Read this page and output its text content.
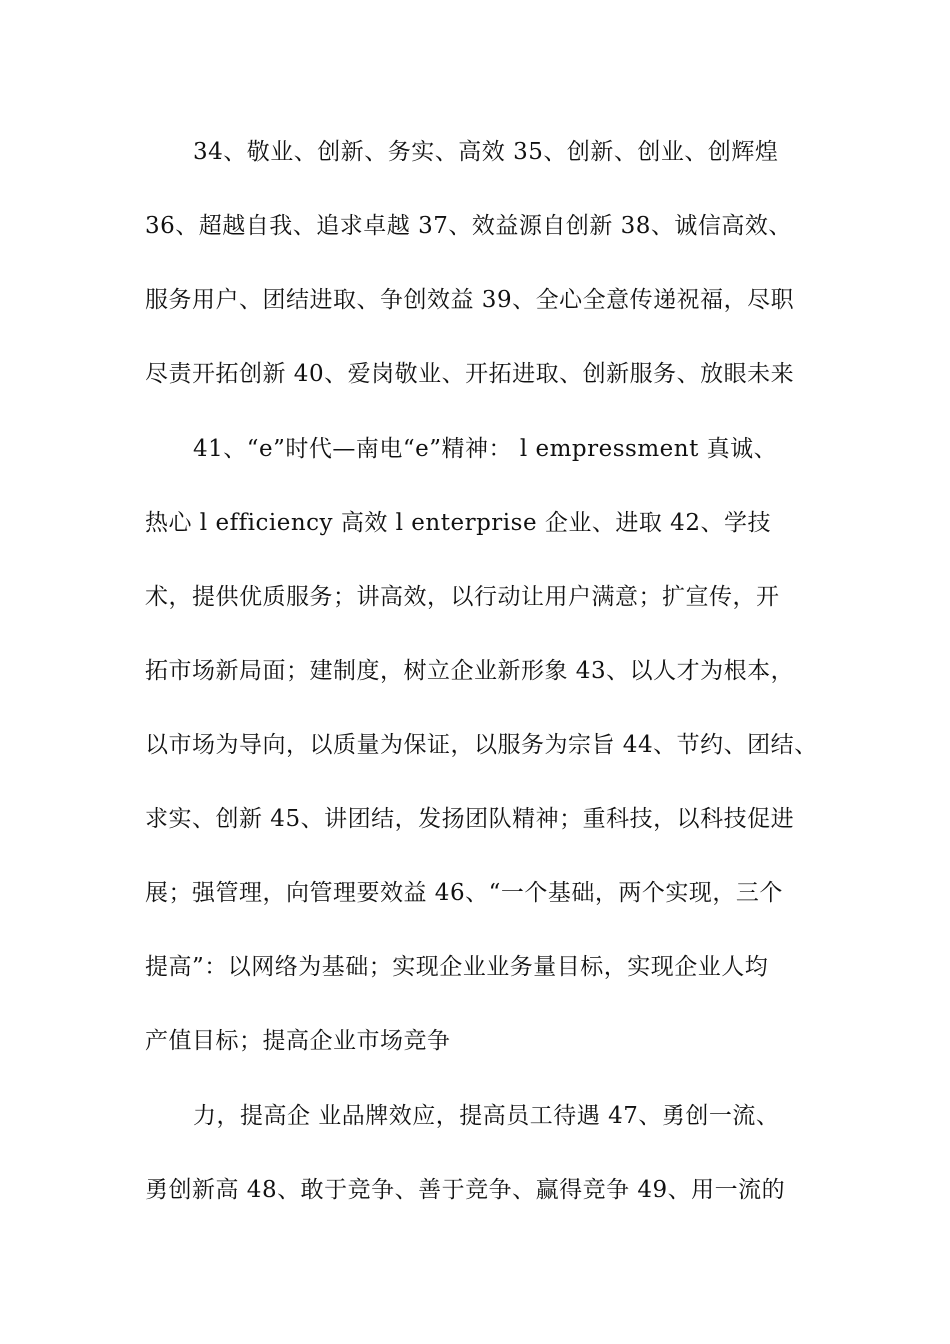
34、敬业、创新、务实、高效 35、创新、创业、创辉煌
36、超越自我、追求卓越 37、效益源自创新 38、诚信高效、
服务用户、团结进取、争创效益 39、全心全意传递祝福，尽职
尽责开拓创新 40、爱岗敬业、开拓进取、创新服务、放眼未来
41、“e”时代—南电“e”精神： l empressment 真诚、
热心 l efficiency 高效 l enterprise 企业、进取 42、学技
术，提供优质服务；讲高效，以行动让用户满意；扩宣传，开
拓市场新局面；建制度，树立企业新形象 43、以人才为根本，
以市场为导向，以质量为保证，以服务为宗旨 44、节约、团结、
求实、创新 45、讲团结，发扬团队精神；重科技，以科技促进
展；强管理，向管理要效益 46、“一个基础，两个实现，三个
提高”：以网络为基础；实现企业业务量目标，实现企业人均
产值目标；提高企业市场竞争
力，提高企 业品牌效应，提高员工待遇 47、勇创一流、
勇创新高 48、敢于竞争、善于竞争、赢得竞争 49、用一流的
